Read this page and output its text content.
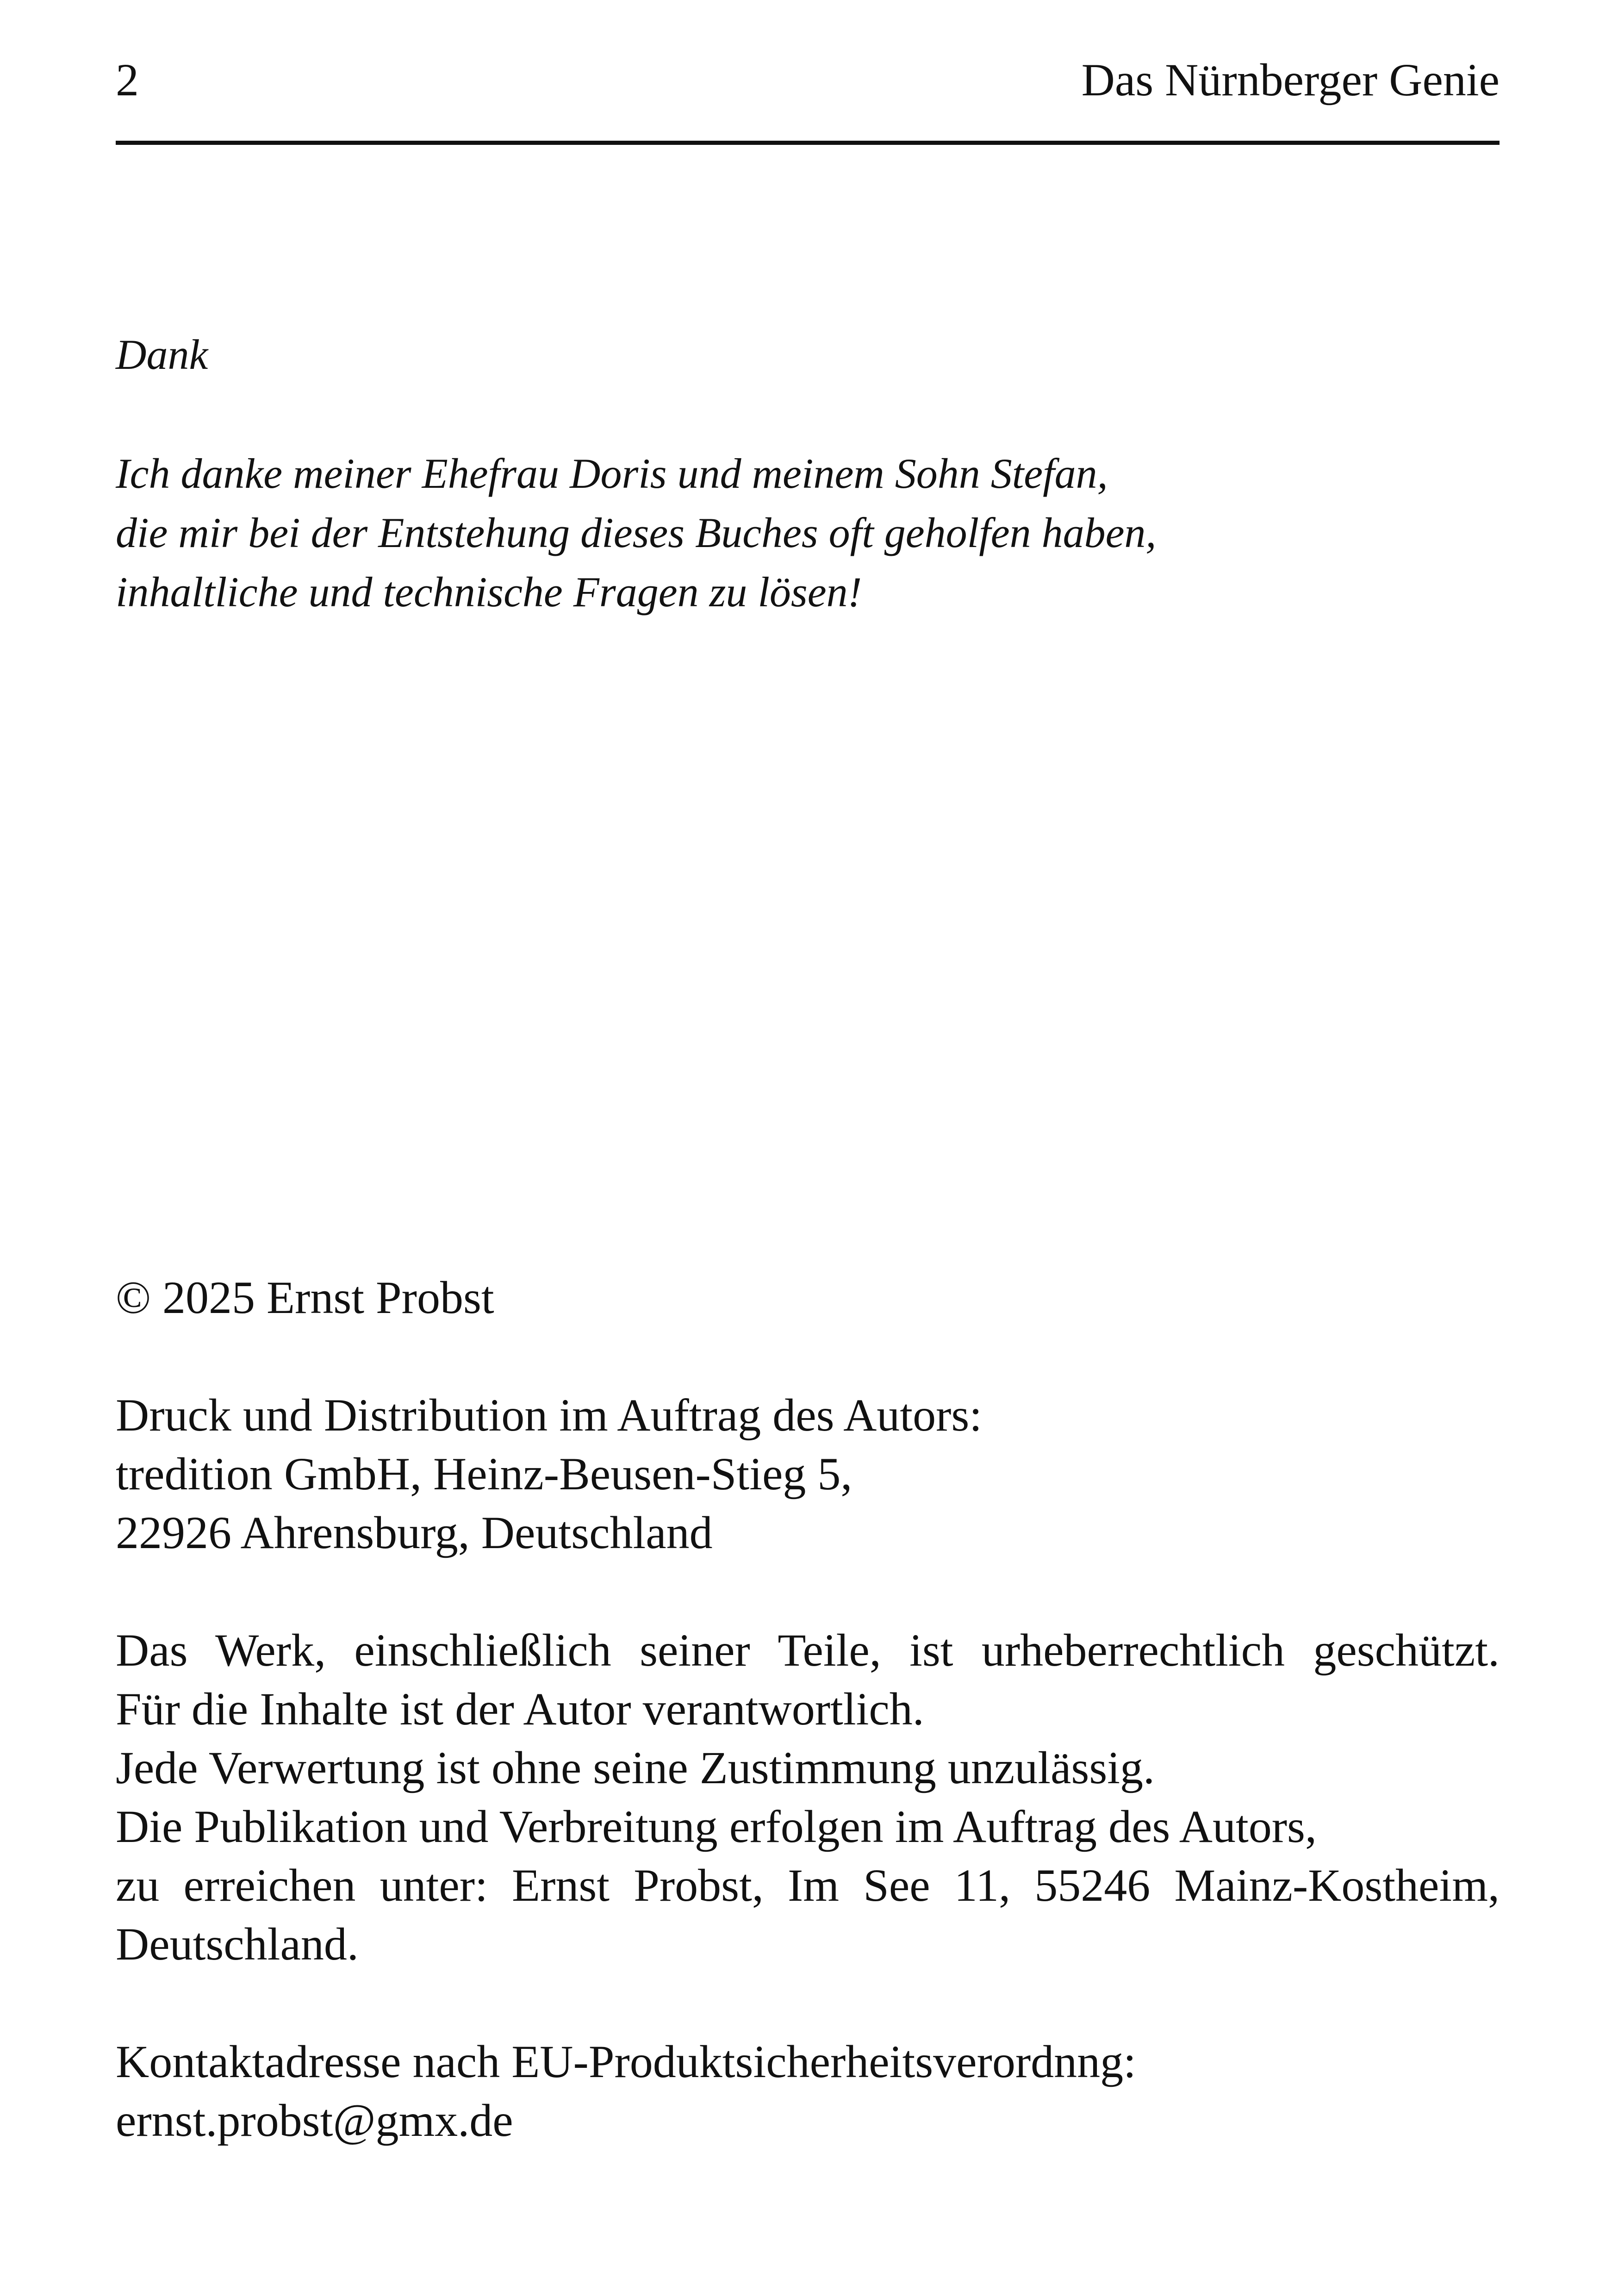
2	Das Nürnberger Genie
Dank
Ich danke meiner Ehefrau Doris und meinem Sohn Stefan,
die mir bei der Entstehung dieses Buches oft geholfen haben,
inhaltliche und technische Fragen zu lösen!
© 2025 Ernst Probst
Druck und Distribution im Auftrag des Autors:
tredition GmbH, Heinz-Beusen-Stieg 5,
22926 Ahrensburg, Deutschland
Das Werk, einschließlich seiner Teile, ist urheberrechtlich geschützt.
Für die Inhalte ist der Autor verantwortlich.
Jede Verwertung ist ohne seine Zustimmung unzulässig.
Die Publikation und Verbreitung erfolgen im Auftrag des Autors,
zu erreichen unter: Ernst Probst, Im See 11, 55246 Mainz-Kostheim,
Deutschland.
Kontaktadresse nach EU-Produktsicherheitsverordnng:
ernst.probst@gmx.de
